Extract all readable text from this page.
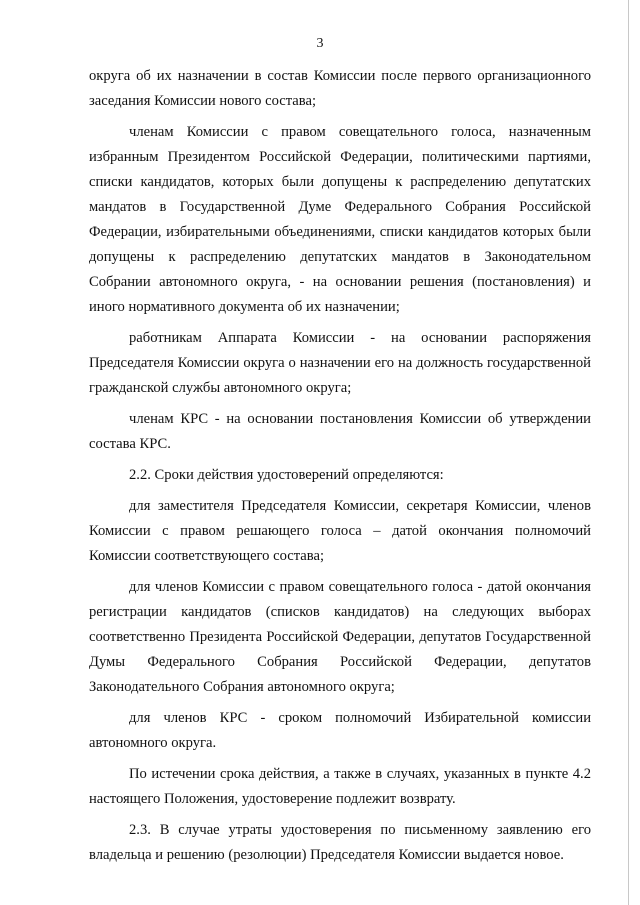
3

округа об их назначении в состав Комиссии после первого организационного заседания Комиссии нового состава;

членам Комиссии с правом совещательного голоса, назначенным избранным Президентом Российской Федерации, политическими партиями, списки кандидатов, которых были допущены к распределению депутатских мандатов в Государственной Думе Федерального Собрания Российской Федерации, избирательными объединениями, списки кандидатов которых были допущены к распределению депутатских мандатов в Законодательном Собрании автономного округа, - на основании решения (постановления) и иного нормативного документа об их назначении;

работникам Аппарата Комиссии - на основании распоряжения Председателя Комиссии округа о назначении его на должность государственной гражданской службы автономного округа;

членам КРС - на основании постановления Комиссии об утверждении состава КРС.

2.2. Сроки действия удостоверений определяются:

для заместителя Председателя Комиссии, секретаря Комиссии, членов Комиссии с правом решающего голоса – датой окончания полномочий Комиссии соответствующего состава;

для членов Комиссии с правом совещательного голоса - датой окончания регистрации кандидатов (списков кандидатов) на следующих выборах соответственно Президента Российской Федерации, депутатов Государственной Думы Федерального Собрания Российской Федерации, депутатов Законодательного Собрания автономного округа;

для членов КРС - сроком полномочий Избирательной комиссии автономного округа.

По истечении срока действия, а также в случаях, указанных в пункте 4.2 настоящего Положения, удостоверение подлежит возврату.

2.3. В случае утраты удостоверения по письменному заявлению его владельца и решению (резолюции) Председателя Комиссии выдается новое.
